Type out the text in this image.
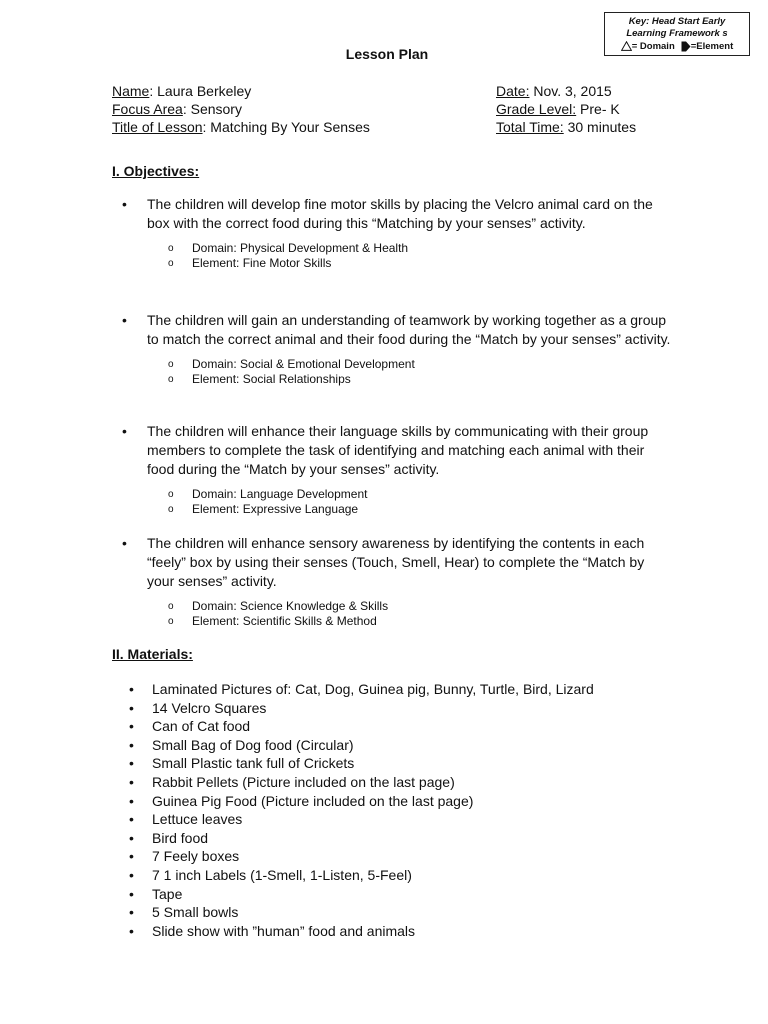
Key: Head Start Early
Learning Framework s
= Domain	=Element
Lesson Plan
Name: Laura Berkeley
Focus Area: Sensory
Title of Lesson: Matching By Your Senses
Date: Nov. 3, 2015
Grade Level: Pre- K
Total Time: 30 minutes
I. Objectives:
• The children will develop fine motor skills by placing the Velcro animal card on the box with the correct food during this “Matching by your senses” activity.
o Domain: Physical Development & Health
o Element: Fine Motor Skills
• The children will gain an understanding of teamwork by working together as a group to match the correct animal and their food during the “Match by your senses” activity.
o Domain: Social & Emotional Development
o Element: Social Relationships
• The children will enhance their language skills by communicating with their group members to complete the task of identifying and matching each animal with their food during the “Match by your senses” activity.
o Domain: Language Development
o Element: Expressive Language
• The children will enhance sensory awareness by identifying the contents in each “feely” box by using their senses (Touch, Smell, Hear) to complete the “Match by your senses” activity.
o Domain: Science Knowledge & Skills
o Element: Scientific Skills & Method
II. Materials:
• Laminated Pictures of: Cat, Dog, Guinea pig, Bunny, Turtle, Bird, Lizard
• 14 Velcro Squares
• Can of Cat food
• Small Bag of Dog food (Circular)
• Small Plastic tank full of Crickets
• Rabbit Pellets (Picture included on the last page)
• Guinea Pig Food (Picture included on the last page)
• Lettuce leaves
• Bird food
• 7 Feely boxes
• 7 1 inch Labels (1-Smell, 1-Listen, 5-Feel)
• Tape
• 5 Small bowls
• Slide show with ”human” food and animals
